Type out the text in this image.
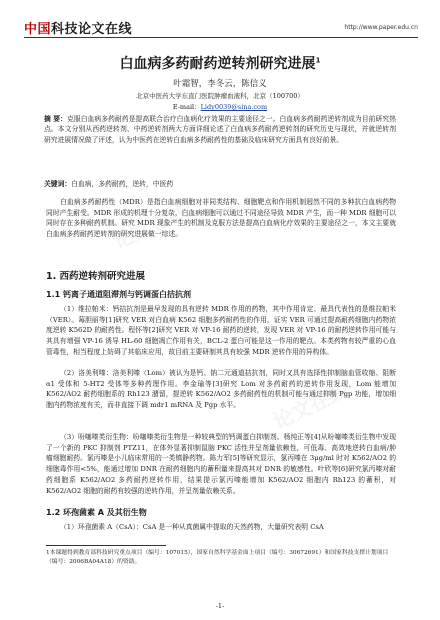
中国科技论文在线	http://www.paper.edu.cn
白血病多药耐药逆转剂研究进展$^1$
叶霜智，李冬云，陈信义
北京中医药大学东直门医院肿瘤血液科，北京（100700）
E-mail：Lidy0039@sina.com
摘 要：克服白血病多药耐药是提高联合治疗白血病化疗效果的主要途径之一。白血病多药耐药逆转剂成为目前研究热点。本文分别从西药逆转剂、中药逆转剂两大方面详细论述了白血病多药耐药逆转剂的研究历史与现状，并就逆转剂研究进展情况做了评述，认为中医药在逆转白血病多药耐药性的基础及临床研究方面具有良好前景。
关键词：白血病，多药耐药，逆转，中医药
白血病多药耐药性（MDR）是指白血病细胞对非同类结构、细胞靶点和作用机制迥然不同的多种抗白血病药物同时产生耐受。MDR 形成的机理十分复杂，白血病细胞可以通过不同途径导致 MDR 产生，而一种 MDR 细胞可以同时存在多种耐药机制。研究 MDR 现象产生的机制及克服方法是提高白血病化疗效果的主要途径之一，本文主要就白血病多药耐药逆转剂的研究进展做一综述。
1. 西药逆转剂研究进展
1.1 钙离子通道阻滞剂与钙调蛋白拮抗剂
（1）维拉帕米：钙拮抗剂是最早发现的具有逆转 MDR 作用的药物，其中作用肯定、最具代表性的是维拉帕米（VER）。莓胆丽等[1]研究 VER 对白血病 K562 细胞多药耐药性的作用，证实 VER 可通过提高耐药细胞内药物浓度逆转 K562D 的耐药性。程怀等[2]研究 VER 对 VP-16 耐药的逆转，发现 VER 对 VP-16 的耐药逆转作用可能与其具有增强 VP-16 诱导 HL-60 细胞凋亡作用有关，BCL-2 蛋白可能是这一作用的靶点。本类药物有较严重的心血管毒性，相当程度上妨碍了其临床应用，故目前主要研制其具有较强 MDR 逆转作用的异构体。
（2）洛美利嗪：洛美利嗪（Lom）被认为是钙、钠二元通道拮抗剂，同时又具有选择性抑制脑血管收缩、阻断 α1 受体和 5-HT2 受体等多种药理作用。李金瑜等[3]研究 Lom 对多药耐药的逆转作用发现，Lom 能增加 K562/AO2 耐药细胞系的 Rh123 潴留，提逆转 K562/AO2 多药耐药性的机制可能与通过抑制 Pgp 功能，增加细胞内药物浓度有关，而非直接下调 mdr1 mRNA 及 Pgp 水平。
（3）吩噻嗪类衍生物：吩噻嗪类衍生物是一种较典型的钙调蛋白抑制剂。杨纯正等[4]从吩噻嗪类衍生物中发现了一个新的 PKC 抑制剂 PTZ11，在体外显著抑制鼠脑 PKC 活性并呈剂量依赖性，可低毒、高效地逆转白血病/肿瘤细胞耐药。氯丙嗪是小儿临床常用的一类镇静药物。陈力军[5]等研究显示，氯丙嗪在 3μg/ml 时对 K562/AO2 的细胞毒作用<5%，能通过增加 DNR 在耐药细胞内的蓄积量来提高其对 DNR 的敏感性。叶欣等[6]研究氯丙嗪对耐药细胞系 K562/AO2 多药耐药逆转作用，结果提示氯丙嗪能增加 K562/AO2 细胞内 Rh123 的蓄积，对 K562/AO2 细胞的耐药有较强的逆转作用，并呈剂量依赖关系。
1.2 环孢菌素 A 及其衍生物
（1）环孢菌素 A（CsA）：CsA 是一种从真菌属中提取的天然药物，大量研究表明 CsA
1本课题得到教育部科技研究重点项目（编号：107015），国家自然科学基金面上项目（编号：30672691）和国家科技支撑计划项目（编号：2006BA04A18）的资助。
-1-
